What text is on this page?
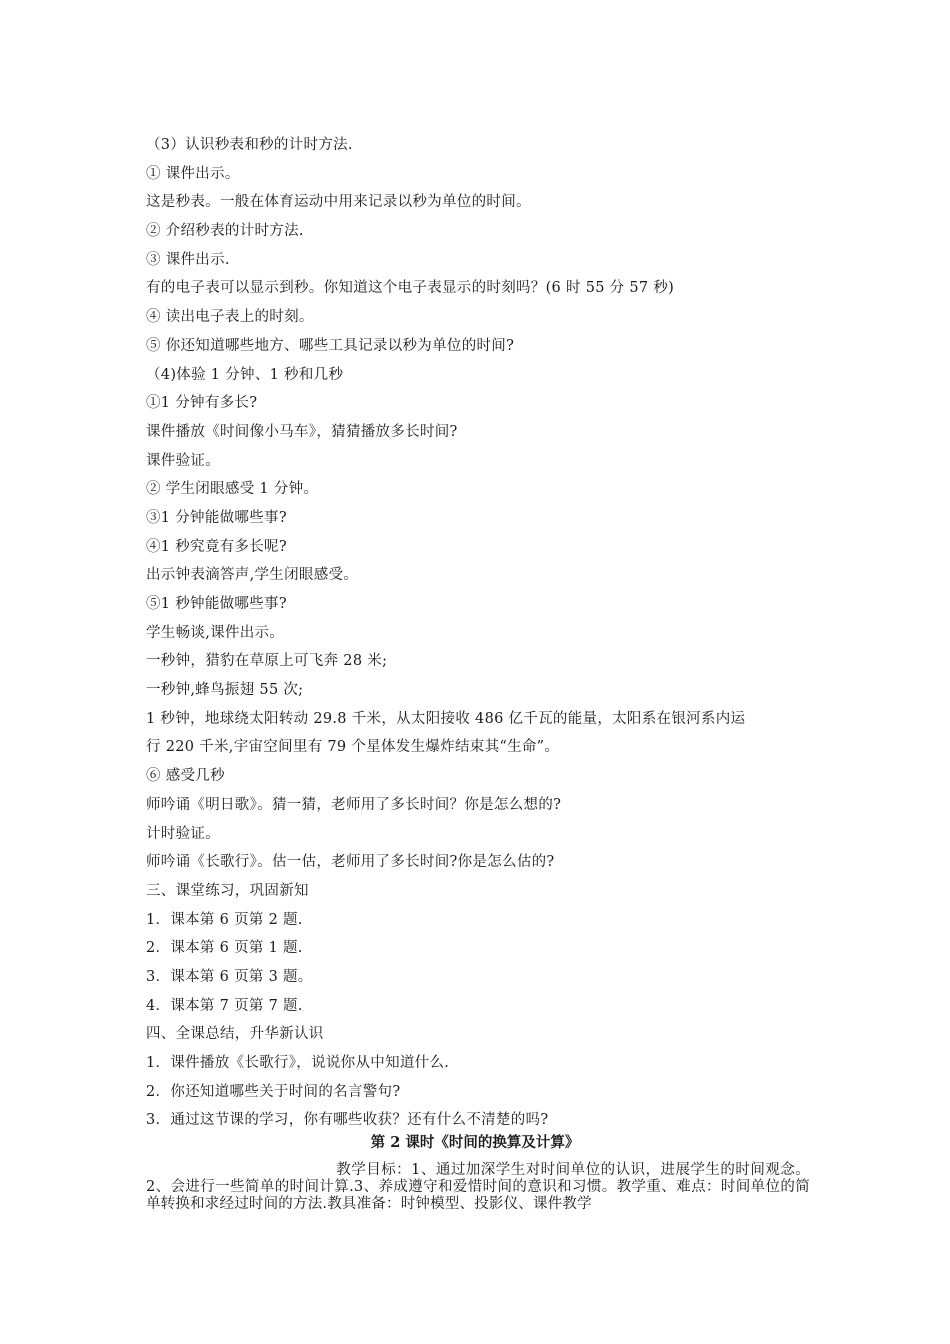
（3）认识秒表和秒的计时方法.
① 课件出示。
这是秒表。一般在体育运动中用来记录以秒为单位的时间。
② 介绍秒表的计时方法.
③ 课件出示.
有的电子表可以显示到秒。你知道这个电子表显示的时刻吗？(6 时 55 分 57 秒)
④ 读出电子表上的时刻。
⑤ 你还知道哪些地方、哪些工具记录以秒为单位的时间?
（4)体验 1 分钟、1 秒和几秒
①1 分钟有多长?
课件播放《时间像小马车》，猜猜播放多长时间?
课件验证。
② 学生闭眼感受 1 分钟。
③1 分钟能做哪些事?
④1 秒究竟有多长呢?
出示钟表滴答声,学生闭眼感受。
⑤1 秒钟能做哪些事?
学生畅谈,课件出示。
一秒钟，猎豹在草原上可飞奔 28 米;
一秒钟,蜂鸟振翅 55 次;
1 秒钟，地球绕太阳转动 29.8 千米，从太阳接收 486 亿千瓦的能量，太阳系在银河系内运
行 220 千米,宇宙空间里有 79 个星体发生爆炸结束其“生命”。
⑥ 感受几秒
师吟诵《明日歌》。猜一猜，老师用了多长时间？你是怎么想的?
计时验证。
师吟诵《长歌行》。估一估，老师用了多长时间?你是怎么估的?
三、课堂练习，巩固新知
1．课本第 6 页第 2 题.
2．课本第 6 页第 1 题.
3．课本第 6 页第 3 题。
4．课本第 7 页第 7 题.
四、全课总结，升华新认识
1．课件播放《长歌行》，说说你从中知道什么.
2．你还知道哪些关于时间的名言警句?
3．通过这节课的学习，你有哪些收获？还有什么不清楚的吗?
第 2 课时《时间的换算及计算》
教学目标：1、通过加深学生对时间单位的认识，进展学生的时间观念。2、会进行一些简单的时间计算.3、养成遵守和爱惜时间的意识和习惯。教学重、难点：时间单位的简单转换和求经过时间的方法.教具准备：时钟模型、投影仪、课件教学
